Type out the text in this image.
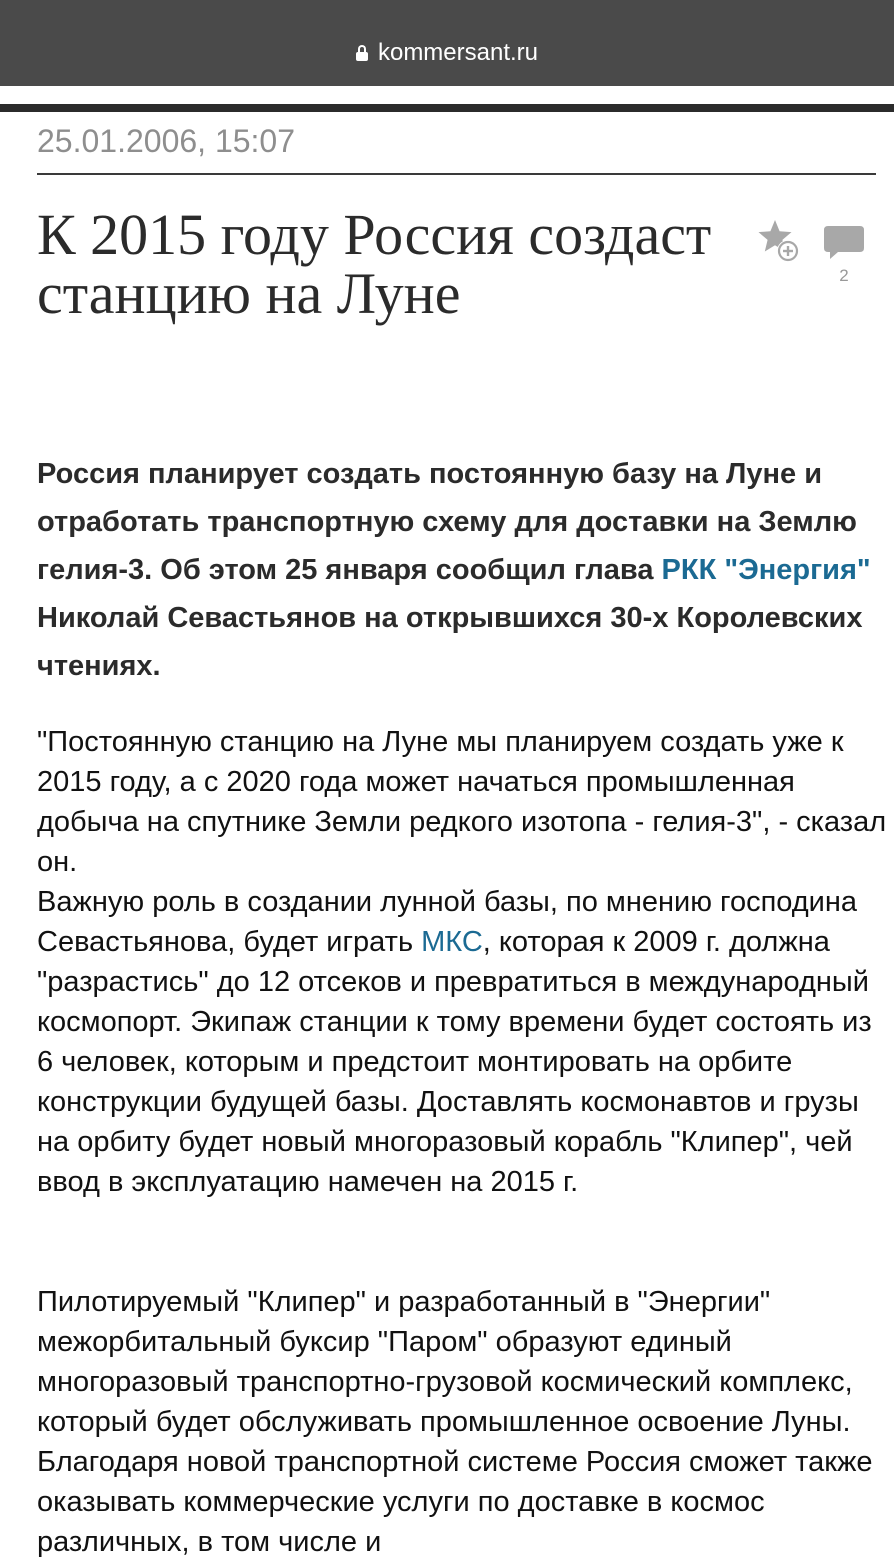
kommersant.ru
25.01.2006, 15:07
К 2015 году Россия создаст станцию на Луне	2

Россия планирует создать постоянную базу на Луне и отработать транспортную схему для доставки на Землю гелия-3. Об этом 25 января сообщил глава РКК "Энергия" Николай Севастьянов на открывшихся 30-х Королевских чтениях.

"Постоянную станцию на Луне мы планируем создать уже к 2015 году, а с 2020 года может начаться промышленная добыча на спутнике Земли редкого изотопа - гелия-3", - сказал он.
Важную роль в создании лунной базы, по мнению господина Севастьянова, будет играть МКС, которая к 2009 г. должна "разрастись" до 12 отсеков и превратиться в международный космопорт. Экипаж станции к тому времени будет состоять из 6 человек, которым и предстоит монтировать на орбите конструкции будущей базы. Доставлять космонавтов и грузы на орбиту будет новый многоразовый корабль "Клипер", чей ввод в эксплуатацию намечен на 2015 г.

Пилотируемый "Клипер" и разработанный в "Энергии" межорбитальный буксир "Паром" образуют единый многоразовый транспортно-грузовой космический комплекс, который будет обслуживать промышленное освоение Луны. Благодаря новой транспортной системе Россия сможет также оказывать коммерческие услуги по доставке в космос различных, в том числе и
